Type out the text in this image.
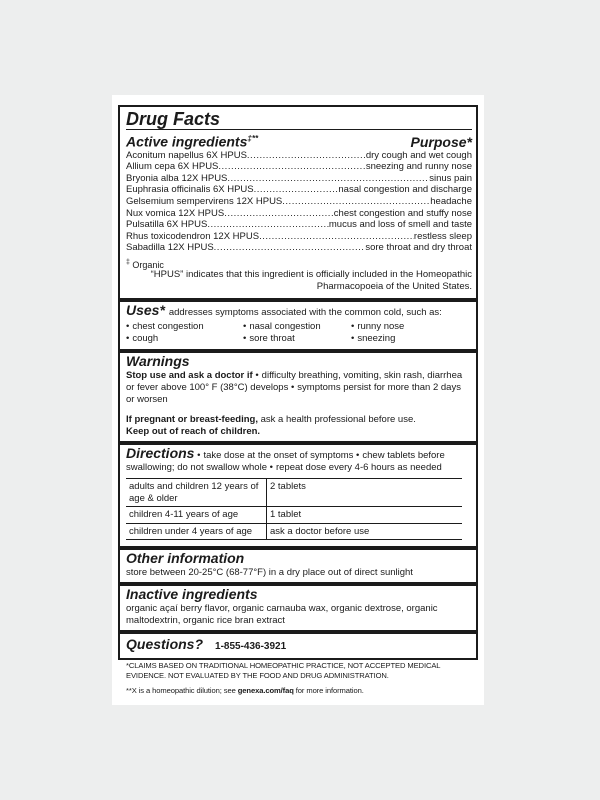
Drug Facts
Active ingredients‡**	Purpose*
Aconitum napellus 6X HPUS .....	dry cough and wet cough
Allium cepa 6X HPUS .....	sneezing and runny nose
Bryonia alba 12X HPUS .....	sinus pain
Euphrasia officinalis 6X HPUS .....	nasal congestion and discharge
Gelsemium sempervirens 12X HPUS .....	headache
Nux vomica 12X HPUS .....	chest congestion and stuffy nose
Pulsatilla 6X HPUS .....	mucus and loss of smell and taste
Rhus toxicodendron 12X HPUS .....	restless sleep
Sabadilla 12X HPUS .....	sore throat and dry throat
‡ Organic
“HPUS” indicates that this ingredient is officially included in the Homeopathic Pharmacopoeia of the United States.
Uses* addresses symptoms associated with the common cold, such as:
• chest congestion	• nasal congestion	• runny nose
• cough	• sore throat	• sneezing
Warnings
Stop use and ask a doctor if • difficulty breathing, vomiting, skin rash, diarrhea or fever above 100° F (38°C) develops • symptoms persist for more than 2 days or worsen
If pregnant or breast-feeding, ask a health professional before use.
Keep out of reach of children.
Directions • take dose at the onset of symptoms • chew tablets before swallowing; do not swallow whole • repeat dose every 4-6 hours as needed
adults and children 12 years of age & older	2 tablets
children 4-11 years of age	1 tablet
children under 4 years of age	ask a doctor before use
Other information
store between 20-25°C (68-77°F) in a dry place out of direct sunlight
Inactive ingredients
organic açaí berry flavor, organic carnauba wax, organic dextrose, organic maltodextrin, organic rice bran extract
Questions? 1-855-436-3921

*CLAIMS BASED ON TRADITIONAL HOMEOPATHIC PRACTICE, NOT ACCEPTED MEDICAL EVIDENCE. NOT EVALUATED BY THE FOOD AND DRUG ADMINISTRATION.

**X is a homeopathic dilution; see genexa.com/faq for more information.
